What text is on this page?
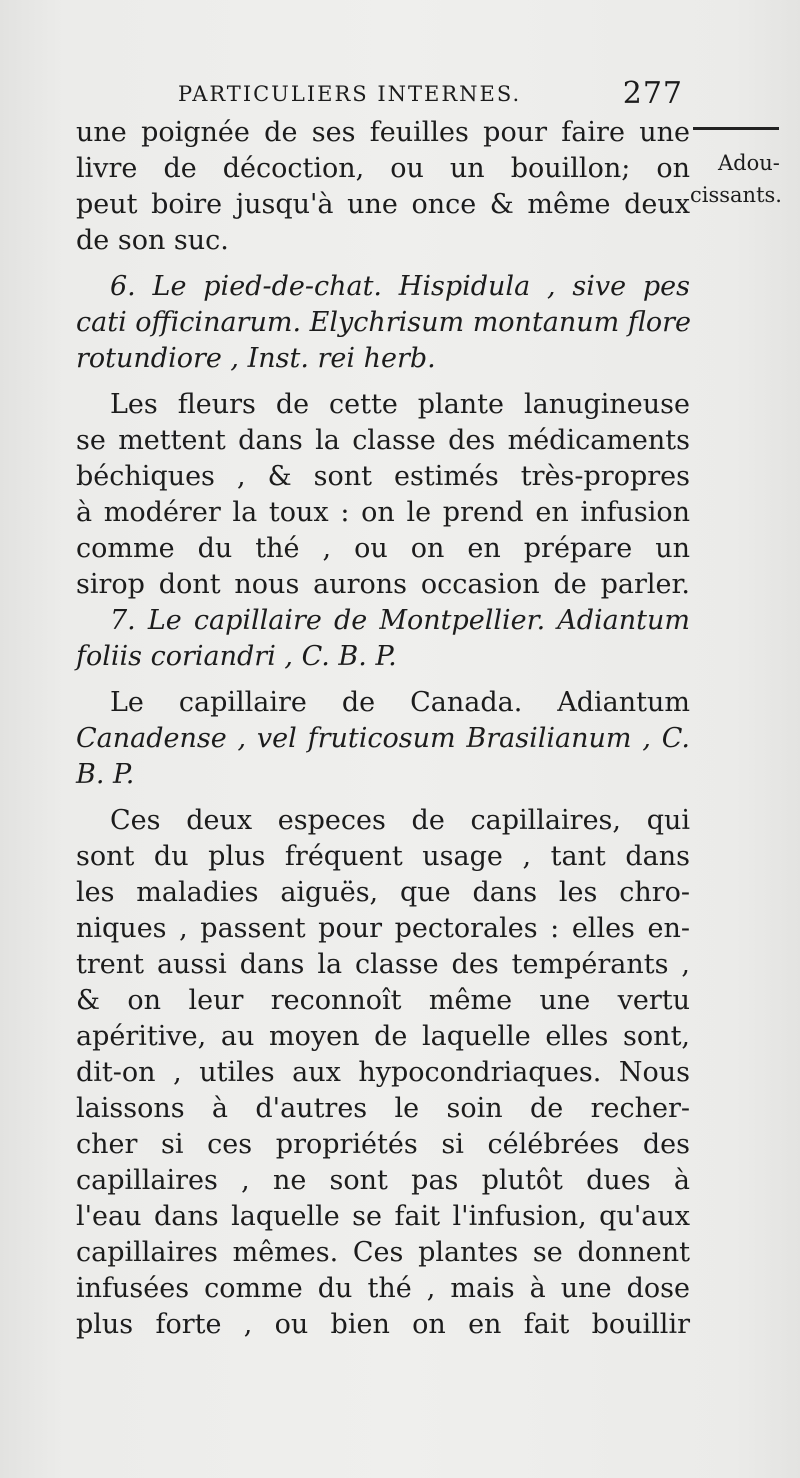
PARTICULIERS INTERNES.	277
Adou-
cissants.
une poignée de ses feuilles pour faire une
livre de décoction, ou un bouillon; on
peut boire jusqu'à une once & même deux
de son suc.
6. Le pied-de-chat. Hispidula , sive pes
cati officinarum. Elychrisum montanum flore
rotundiore , Inst. rei herb.
Les fleurs de cette plante lanugineuse
se mettent dans la classe des médicaments
béchiques , & sont estimés très-propres
à modérer la toux : on le prend en infusion
comme du thé , ou on en prépare un
sirop dont nous aurons occasion de parler.
7. Le capillaire de Montpellier. Adiantum
foliis coriandri , C. B. P.
Le capillaire de Canada. Adiantum
Canadense , vel fruticosum Brasilianum , C.
B. P.
Ces deux especes de capillaires, qui
sont du plus fréquent usage , tant dans
les maladies aiguës, que dans les chro-
niques , passent pour pectorales : elles en-
trent aussi dans la classe des tempérants ,
& on leur reconnoît même une vertu
apéritive, au moyen de laquelle elles sont,
dit-on , utiles aux hypocondriaques. Nous
laissons à d'autres le soin de recher-
cher si ces propriétés si célébrées des
capillaires , ne sont pas plutôt dues à
l'eau dans laquelle se fait l'infusion, qu'aux
capillaires mêmes. Ces plantes se donnent
infusées comme du thé , mais à une dose
plus forte , ou bien on en fait bouillir
